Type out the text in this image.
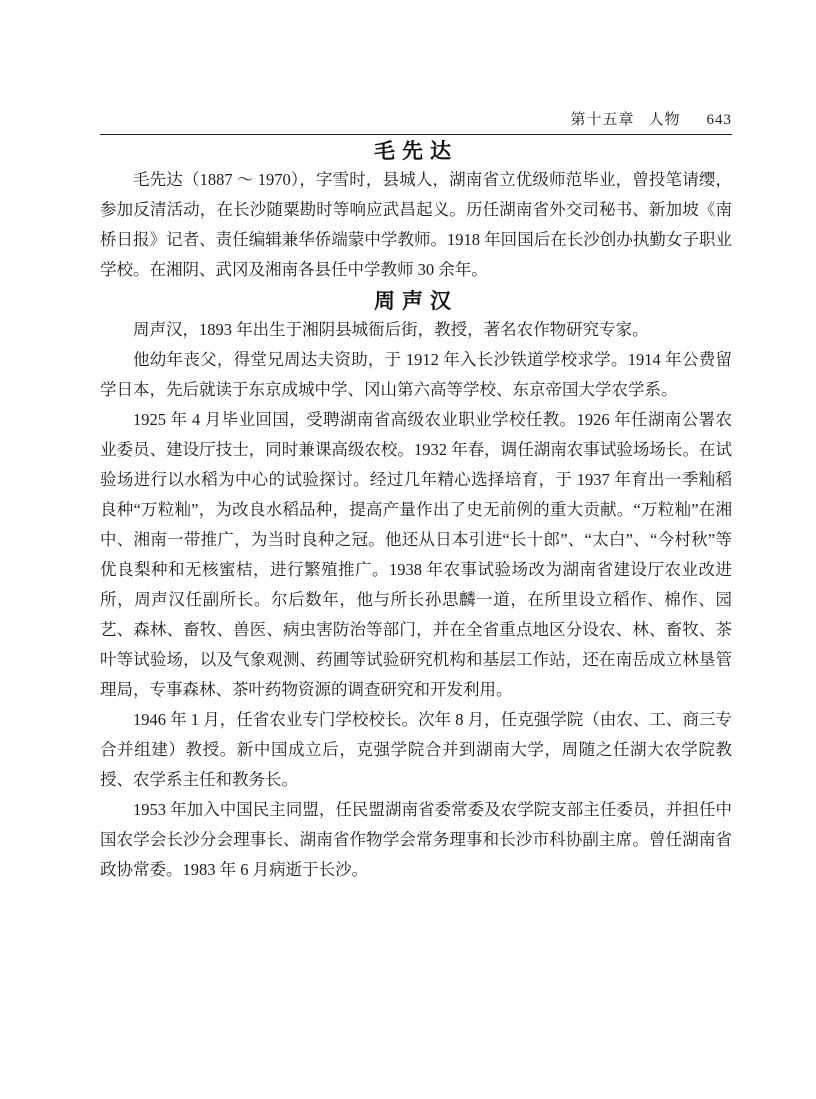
第十五章 人物 643
毛先达

毛先达（1887 ～ 1970），字雪时，县城人，湖南省立优级师范毕业，曾投笔请缨，参加反清活动，在长沙随粟勘时等响应武昌起义。历任湖南省外交司秘书、新加坡《南桥日报》记者、责任编辑兼华侨端蒙中学教师。1918 年回国后在长沙创办执勤女子职业学校。在湘阴、武冈及湘南各县任中学教师 30 余年。

周声汉

周声汉，1893 年出生于湘阴县城衙后街，教授，著名农作物研究专家。

他幼年丧父，得堂兄周达夫资助，于 1912 年入长沙铁道学校求学。1914 年公费留学日本，先后就读于东京成城中学、冈山第六高等学校、东京帝国大学农学系。

1925 年 4 月毕业回国，受聘湖南省高级农业职业学校任教。1926 年任湖南公署农业委员、建设厅技士，同时兼课高级农校。1932 年春，调任湖南农事试验场场长。在试验场进行以水稻为中心的试验探讨。经过几年精心选择培育，于 1937 年育出一季籼稻良种“万粒籼”，为改良水稻品种，提高产量作出了史无前例的重大贡献。“万粒籼”在湘中、湘南一带推广，为当时良种之冠。他还从日本引进“长十郎”、“太白”、“今村秋”等优良梨种和无核蜜桔，进行繁殖推广。1938 年农事试验场改为湖南省建设厅农业改进所，周声汉任副所长。尔后数年，他与所长孙思麟一道，在所里设立稻作、棉作、园艺、森林、畜牧、兽医、病虫害防治等部门，并在全省重点地区分设农、林、畜牧、茶叶等试验场，以及气象观测、药圃等试验研究机构和基层工作站，还在南岳成立林垦管理局，专事森林、茶叶药物资源的调查研究和开发利用。

1946 年 1 月，任省农业专门学校校长。次年 8 月，任克强学院（由农、工、商三专合并组建）教授。新中国成立后，克强学院合并到湖南大学，周随之任湖大农学院教授、农学系主任和教务长。

1953 年加入中国民主同盟，任民盟湖南省委常委及农学院支部主任委员，并担任中国农学会长沙分会理事长、湖南省作物学会常务理事和长沙市科协副主席。曾任湖南省政协常委。1983 年 6 月病逝于长沙。
